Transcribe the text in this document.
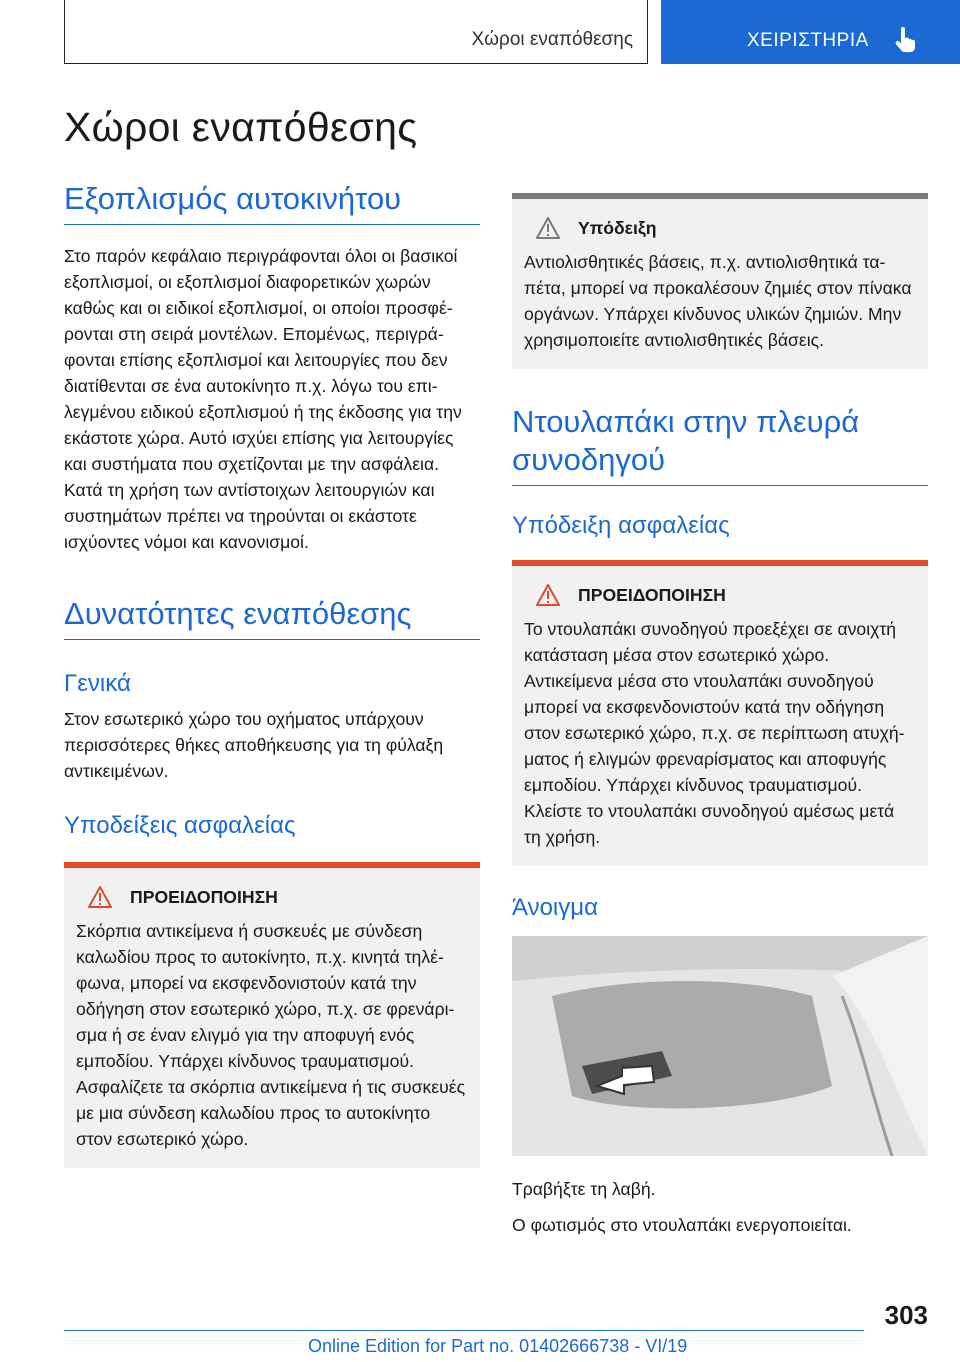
Χώροι εναπόθεσης	ΧΕΙΡΙΣΤΗΡΙΑ
Χώροι εναπόθεσης
Εξοπλισμός αυτοκινήτου

Στο παρόν κεφάλαιο περιγράφονται όλοι οι βασικοί εξοπλισμοί, οι εξοπλισμοί διαφορετικών χωρών καθώς και οι ειδικοί εξοπλισμοί, οι οποίοι προσφέρονται στη σειρά μοντέλων. Επομένως, περιγράφονται επίσης εξοπλισμοί και λειτουργίες που δεν διατίθενται σε ένα αυτοκίνητο π.χ. λόγω του επιλεγμένου ειδικού εξοπλισμού ή της έκδοσης για την εκάστοτε χώρα. Αυτό ισχύει επίσης για λειτουργίες και συστήματα που σχετίζονται με την ασφάλεια. Κατά τη χρήση των αντίστοιχων λειτουργιών και συστημάτων πρέπει να τηρούνται οι εκάστοτε ισχύοντες νόμοι και κανονισμοί.

Δυνατότητες εναπόθεσης
Γενικά

Στον εσωτερικό χώρο του οχήματος υπάρχουν περισσότερες θήκες αποθήκευσης για τη φύλαξη αντικειμένων.

Υποδείξεις ασφαλείας
ΠΡΟΕΙΔΟΠΟΙΗΣΗ

Σκόρπια αντικείμενα ή συσκευές με σύνδεση καλωδίου προς το αυτοκίνητο, π.χ. κινητά τηλέφωνα, μπορεί να εκσφενδονιστούν κατά την οδήγηση στον εσωτερικό χώρο, π.χ. σε φρενάρισμα ή σε έναν ελιγμό για την αποφυγή ενός εμποδίου. Υπάρχει κίνδυνος τραυματισμού. Ασφαλίζετε τα σκόρπια αντικείμενα ή τις συσκευές με μια σύνδεση καλωδίου προς το αυτοκίνητο στον εσωτερικό χώρο.

Υπόδειξη

Αντιολισθητικές βάσεις, π.χ. αντιολισθητικά ταπέτα, μπορεί να προκαλέσουν ζημιές στον πίνακα οργάνων. Υπάρχει κίνδυνος υλικών ζημιών. Μην χρησιμοποιείτε αντιολισθητικές βάσεις.

Ντουλαπάκι στην πλευρά συνοδηγού
Υπόδειξη ασφαλείας
ΠΡΟΕΙΔΟΠΟΙΗΣΗ

Το ντουλαπάκι συνοδηγού προεξέχει σε ανοιχτή κατάσταση μέσα στον εσωτερικό χώρο. Αντικείμενα μέσα στο ντουλαπάκι συνοδηγού μπορεί να εκσφενδονιστούν κατά την οδήγηση στον εσωτερικό χώρο, π.χ. σε περίπτωση ατυχήματος ή ελιγμών φρεναρίσματος και αποφυγής εμποδίου. Υπάρχει κίνδυνος τραυματισμού. Κλείστε το ντουλαπάκι συνοδηγού αμέσως μετά τη χρήση.

Άνοιγμα

Τραβήξτε τη λαβή.

Ο φωτισμός στο ντουλαπάκι ενεργοποιείται.

303
Online Edition for Part no. 01402666738 - VI/19
